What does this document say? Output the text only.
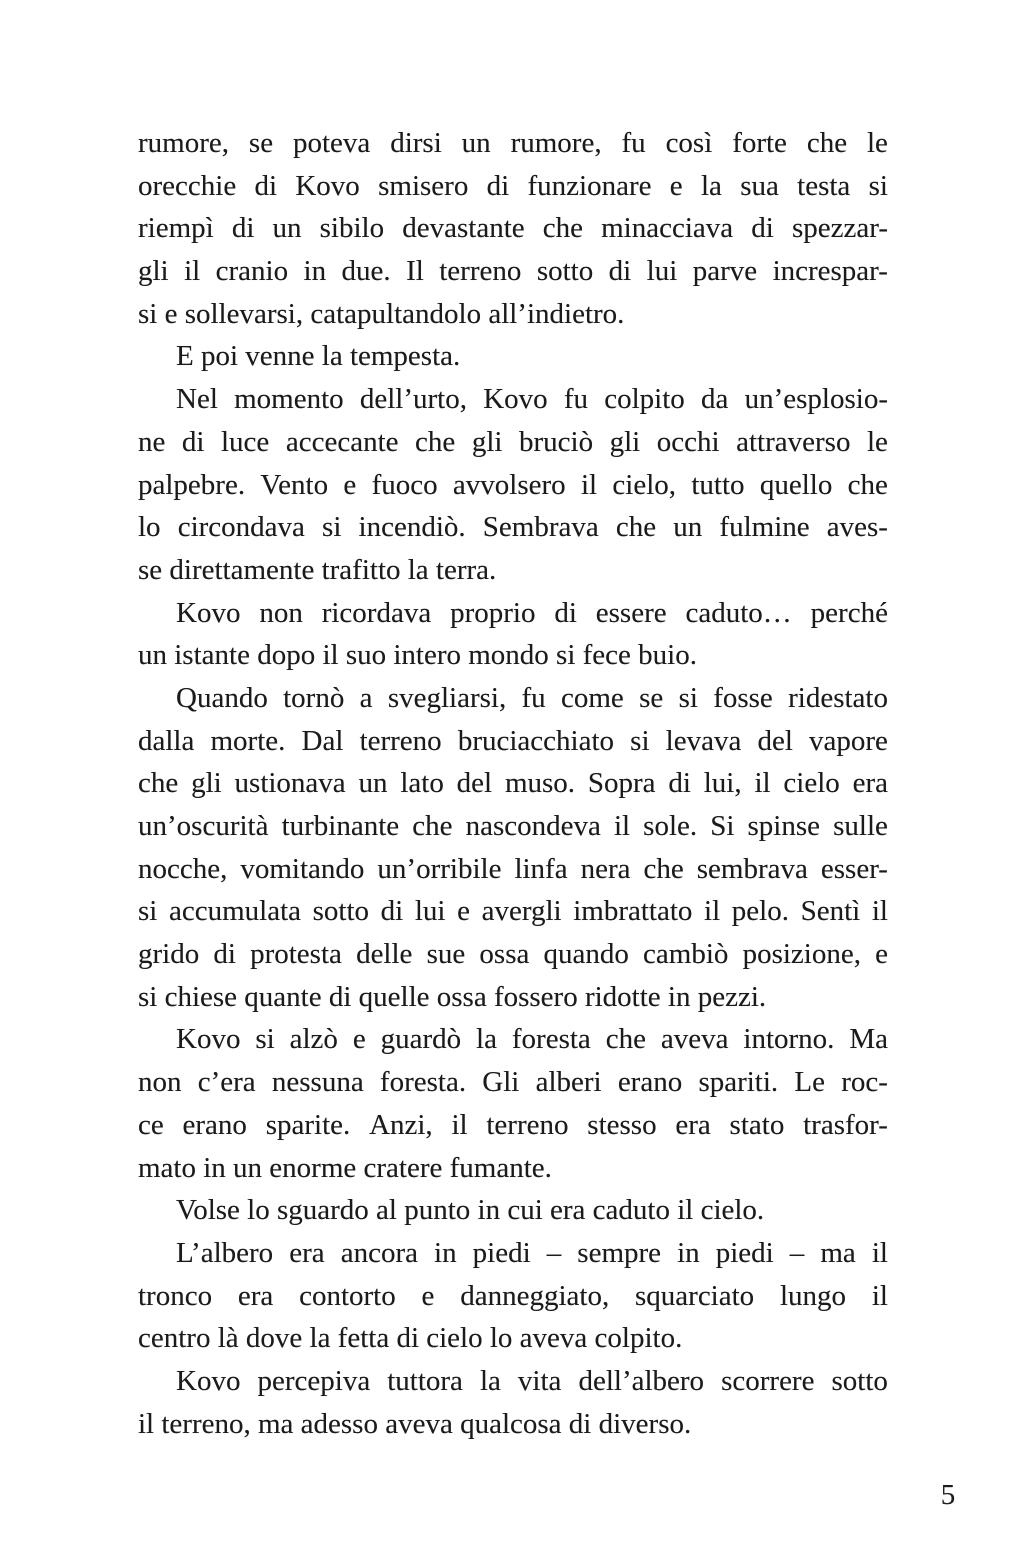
rumore, se poteva dirsi un rumore, fu così forte che le
orecchie di Kovo smisero di funzionare e la sua testa si
riempì di un sibilo devastante che minacciava di spezzar-
gli il cranio in due. Il terreno sotto di lui parve increspar-
si e sollevarsi, catapultandolo all’indietro.
E poi venne la tempesta.
Nel momento dell’urto, Kovo fu colpito da un’esplosio-
ne di luce accecante che gli bruciò gli occhi attraverso le
palpebre. Vento e fuoco avvolsero il cielo, tutto quello che
lo circondava si incendiò. Sembrava che un fulmine aves-
se direttamente trafitto la terra.
Kovo non ricordava proprio di essere caduto… perché
un istante dopo il suo intero mondo si fece buio.
Quando tornò a svegliarsi, fu come se si fosse ridestato
dalla morte. Dal terreno bruciacchiato si levava del vapore
che gli ustionava un lato del muso. Sopra di lui, il cielo era
un’oscurità turbinante che nascondeva il sole. Si spinse sulle
nocche, vomitando un’orribile linfa nera che sembrava esser-
si accumulata sotto di lui e avergli imbrattato il pelo. Sentì il
grido di protesta delle sue ossa quando cambiò posizione, e
si chiese quante di quelle ossa fossero ridotte in pezzi.
Kovo si alzò e guardò la foresta che aveva intorno. Ma
non c’era nessuna foresta. Gli alberi erano spariti. Le roc-
ce erano sparite. Anzi, il terreno stesso era stato trasfor-
mato in un enorme cratere fumante.
Volse lo sguardo al punto in cui era caduto il cielo.
L’albero era ancora in piedi – sempre in piedi – ma il
tronco era contorto e danneggiato, squarciato lungo il
centro là dove la fetta di cielo lo aveva colpito.
Kovo percepiva tuttora la vita dell’albero scorrere sotto
il terreno, ma adesso aveva qualcosa di diverso.
5
